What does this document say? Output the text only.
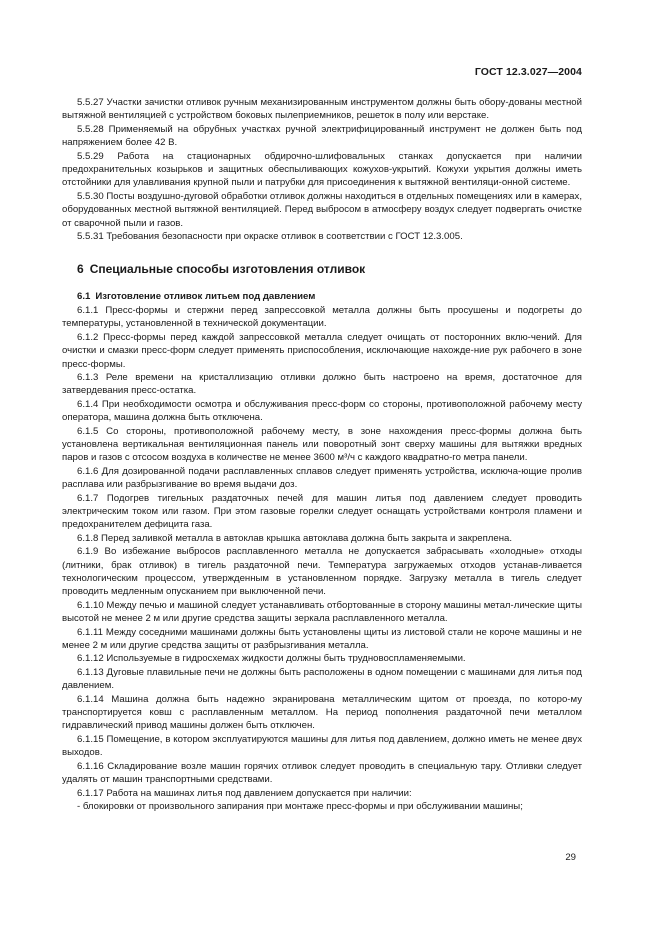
ГОСТ 12.3.027—2004

5.5.27 Участки зачистки отливок ручным механизированным инструментом должны быть обору-дованы местной вытяжной вентиляцией с устройством боковых пылеприемников, решеток в полу или верстаке.

5.5.28 Применяемый на обрубных участках ручной электрифицированный инструмент не должен быть под напряжением более 42 В.

5.5.29 Работа на стационарных обдирочно-шлифовальных станках допускается при наличии предохранительных козырьков и защитных обеспыливающих кожухов-укрытий. Кожухи укрытия должны иметь отстойники для улавливания крупной пыли и патрубки для присоединения к вытяжной вентиляци-онной системе.

5.5.30 Посты воздушно-дуговой обработки отливок должны находиться в отдельных помещениях или в камерах, оборудованных местной вытяжной вентиляцией. Перед выбросом в атмосферу воздух следует подвергать очистке от сварочной пыли и газов.

5.5.31 Требования безопасности при окраске отливок в соответствии с ГОСТ 12.3.005.

6 Специальные способы изготовления отливок
6.1 Изготовление отливок литьем под давлением

6.1.1 Пресс-формы и стержни перед запрессовкой металла должны быть просушены и подогреты до температуры, установленной в технической документации.

6.1.2 Пресс-формы перед каждой запрессовкой металла следует очищать от посторонних вклю-чений. Для очистки и смазки пресс-форм следует применять приспособления, исключающие нахожде-ние рук рабочего в зоне пресс-формы.

6.1.3 Реле времени на кристаллизацию отливки должно быть настроено на время, достаточное для затвердевания пресс-остатка.

6.1.4 При необходимости осмотра и обслуживания пресс-форм со стороны, противоположной рабочему месту оператора, машина должна быть отключена.

6.1.5 Со стороны, противоположной рабочему месту, в зоне нахождения пресс-формы должна быть установлена вертикальная вентиляционная панель или поворотный зонт сверху машины для вытяжки вредных паров и газов с отсосом воздуха в количестве не менее 3600 м³/ч с каждого квадратно-го метра панели.

6.1.6 Для дозированной подачи расплавленных сплавов следует применять устройства, исключа-ющие пролив расплава или разбрызгивание во время выдачи доз.

6.1.7 Подогрев тигельных раздаточных печей для машин литья под давлением следует проводить электрическим током или газом. При этом газовые горелки следует оснащать устройствами контроля пламени и предохранителем дефицита газа.

6.1.8 Перед заливкой металла в автоклав крышка автоклава должна быть закрыта и закреплена.

6.1.9 Во избежание выбросов расплавленного металла не допускается забрасывать «холодные» отходы (литники, брак отливок) в тигель раздаточной печи. Температура загружаемых отходов устанав-ливается технологическим процессом, утвержденным в установленном порядке. Загрузку металла в тигель следует проводить медленным опусканием при выключенной печи.

6.1.10 Между печью и машиной следует устанавливать отбортованные в сторону машины метал-лические щиты высотой не менее 2 м или другие средства защиты зеркала расплавленного металла.

6.1.11 Между соседними машинами должны быть установлены щиты из листовой стали не короче машины и не менее 2 м или другие средства защиты от разбрызгивания металла.

6.1.12 Используемые в гидросхемах жидкости должны быть трудновоспламеняемыми.

6.1.13 Дуговые плавильные печи не должны быть расположены в одном помещении с машинами для литья под давлением.

6.1.14 Машина должна быть надежно экранирована металлическим щитом от проезда, по которо-му транспортируется ковш с расплавленным металлом. На период пополнения раздаточной печи металлом гидравлический привод машины должен быть отключен.

6.1.15 Помещение, в котором эксплуатируются машины для литья под давлением, должно иметь не менее двух выходов.

6.1.16 Складирование возле машин горячих отливок следует проводить в специальную тару. Отливки следует удалять от машин транспортными средствами.

6.1.17 Работа на машинах литья под давлением допускается при наличии:

- блокировки от произвольного запирания при монтаже пресс-формы и при обслуживании машины;

29
